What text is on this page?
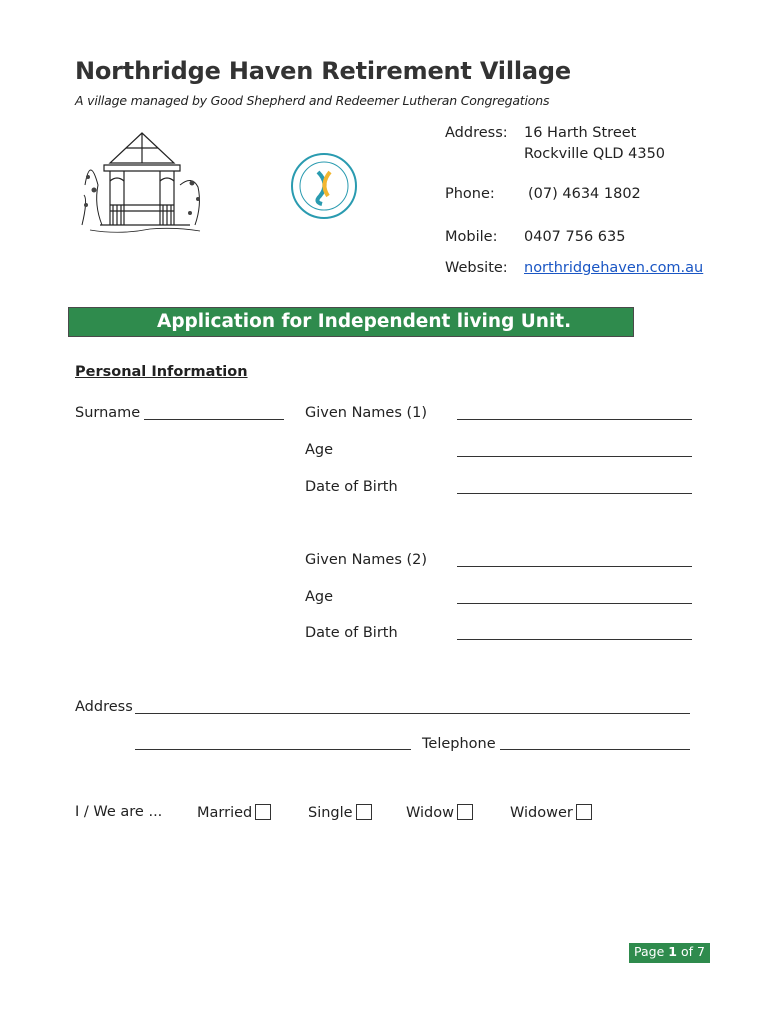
Northridge Haven Retirement Village
A village managed by Good Shepherd and Redeemer Lutheran Congregations
Address: 16 Harth Street
Rockville QLD 4350
Phone: (07) 4634 1802
Mobile: 0407 756 635
Website: northridgehaven.com.au
Application for Independent living Unit.
Personal Information
Surname	Given Names (1)
Age
Date of Birth
Given Names (2)
Age
Date of Birth
Address
Telephone
I / We are ... Married	Single	Widow	Widower
Page 1 of 7
